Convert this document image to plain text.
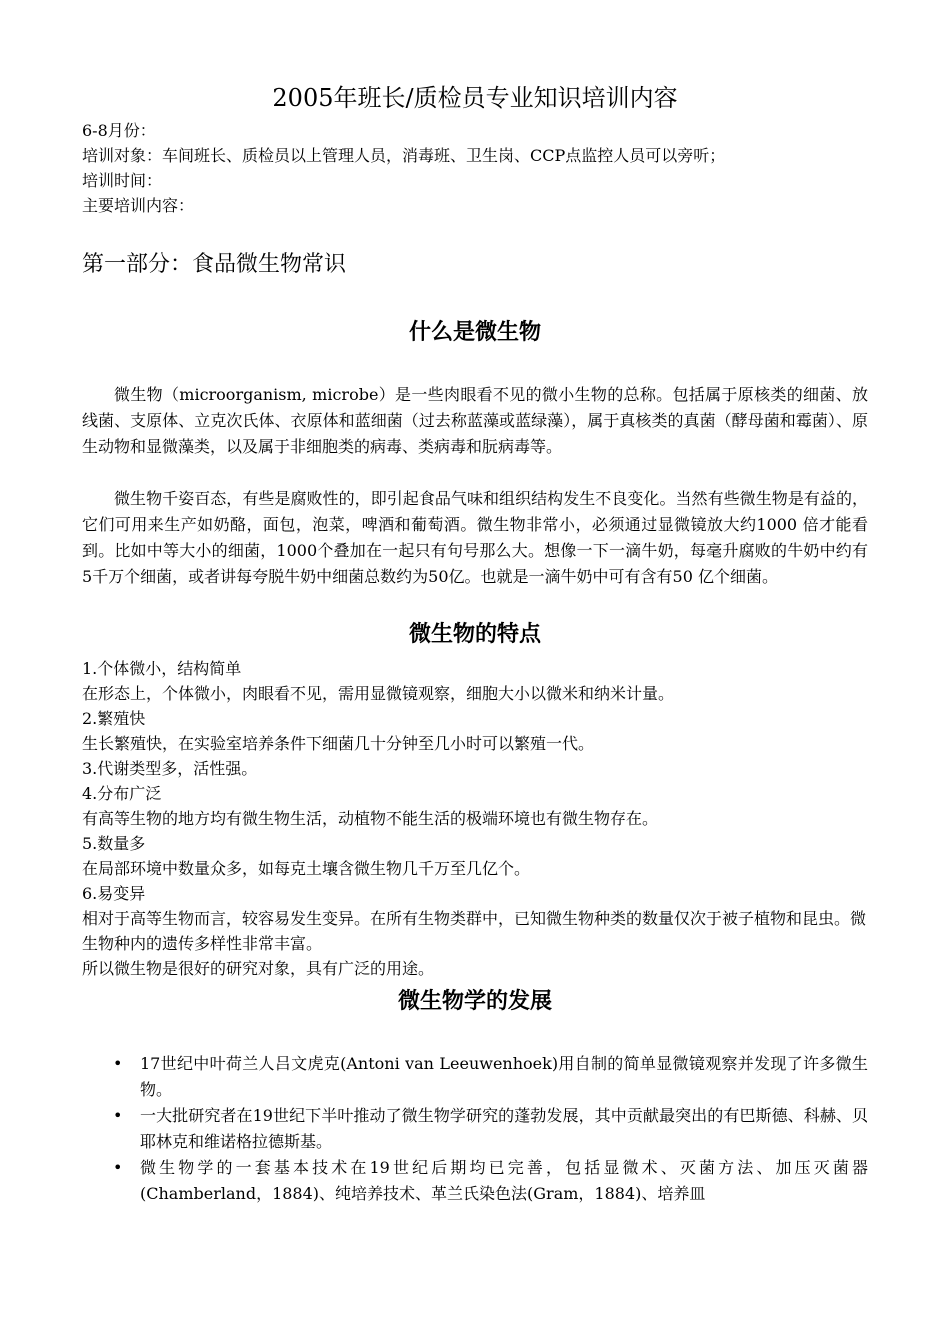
2005年班长/质检员专业知识培训内容
6-8月份：
培训对象：车间班长、质检员以上管理人员，消毒班、卫生岗、CCP点监控人员可以旁听；
培训时间：
主要培训内容：
第一部分：食品微生物常识
什么是微生物

微生物（microorganism, microbe）是一些肉眼看不见的微小生物的总称。包括属于原核类的细菌、放线菌、支原体、立克次氏体、衣原体和蓝细菌（过去称蓝藻或蓝绿藻），属于真核类的真菌（酵母菌和霉菌）、原生动物和显微藻类，以及属于非细胞类的病毒、类病毒和朊病毒等。

微生物千姿百态，有些是腐败性的，即引起食品气味和组织结构发生不良变化。当然有些微生物是有益的，它们可用来生产如奶酪，面包，泡菜，啤酒和葡萄酒。微生物非常小，必须通过显微镜放大约1000 倍才能看到。比如中等大小的细菌，1000个叠加在一起只有句号那么大。想像一下一滴牛奶，每毫升腐败的牛奶中约有5千万个细菌，或者讲每夸脱牛奶中细菌总数约为50亿。也就是一滴牛奶中可有含有50 亿个细菌。

微生物的特点
1.个体微小，结构简单
在形态上，个体微小，肉眼看不见，需用显微镜观察，细胞大小以微米和纳米计量。
2.繁殖快
生长繁殖快，在实验室培养条件下细菌几十分钟至几小时可以繁殖一代。
3.代谢类型多，活性强。
4.分布广泛
有高等生物的地方均有微生物生活，动植物不能生活的极端环境也有微生物存在。
5.数量多
在局部环境中数量众多，如每克土壤含微生物几千万至几亿个。
6.易变异
相对于高等生物而言，较容易发生变异。在所有生物类群中，已知微生物种类的数量仅次于被子植物和昆虫。微生物种内的遗传多样性非常丰富。
所以微生物是很好的研究对象，具有广泛的用途。
微生物学的发展
• 17世纪中叶荷兰人吕文虎克(Antoni van Leeuwenhoek)用自制的简单显微镜观察并发现了许多微生物。
• 一大批研究者在19世纪下半叶推动了微生物学研究的蓬勃发展，其中贡献最突出的有巴斯德、科赫、贝耶林克和维诺格拉德斯基。
• 微生物学的一套基本技术在19世纪后期均已完善，包括显微术、灭菌方法、加压灭菌器(Chamberland，1884)、纯培养技术、革兰氏染色法(Gram，1884)、培养皿
